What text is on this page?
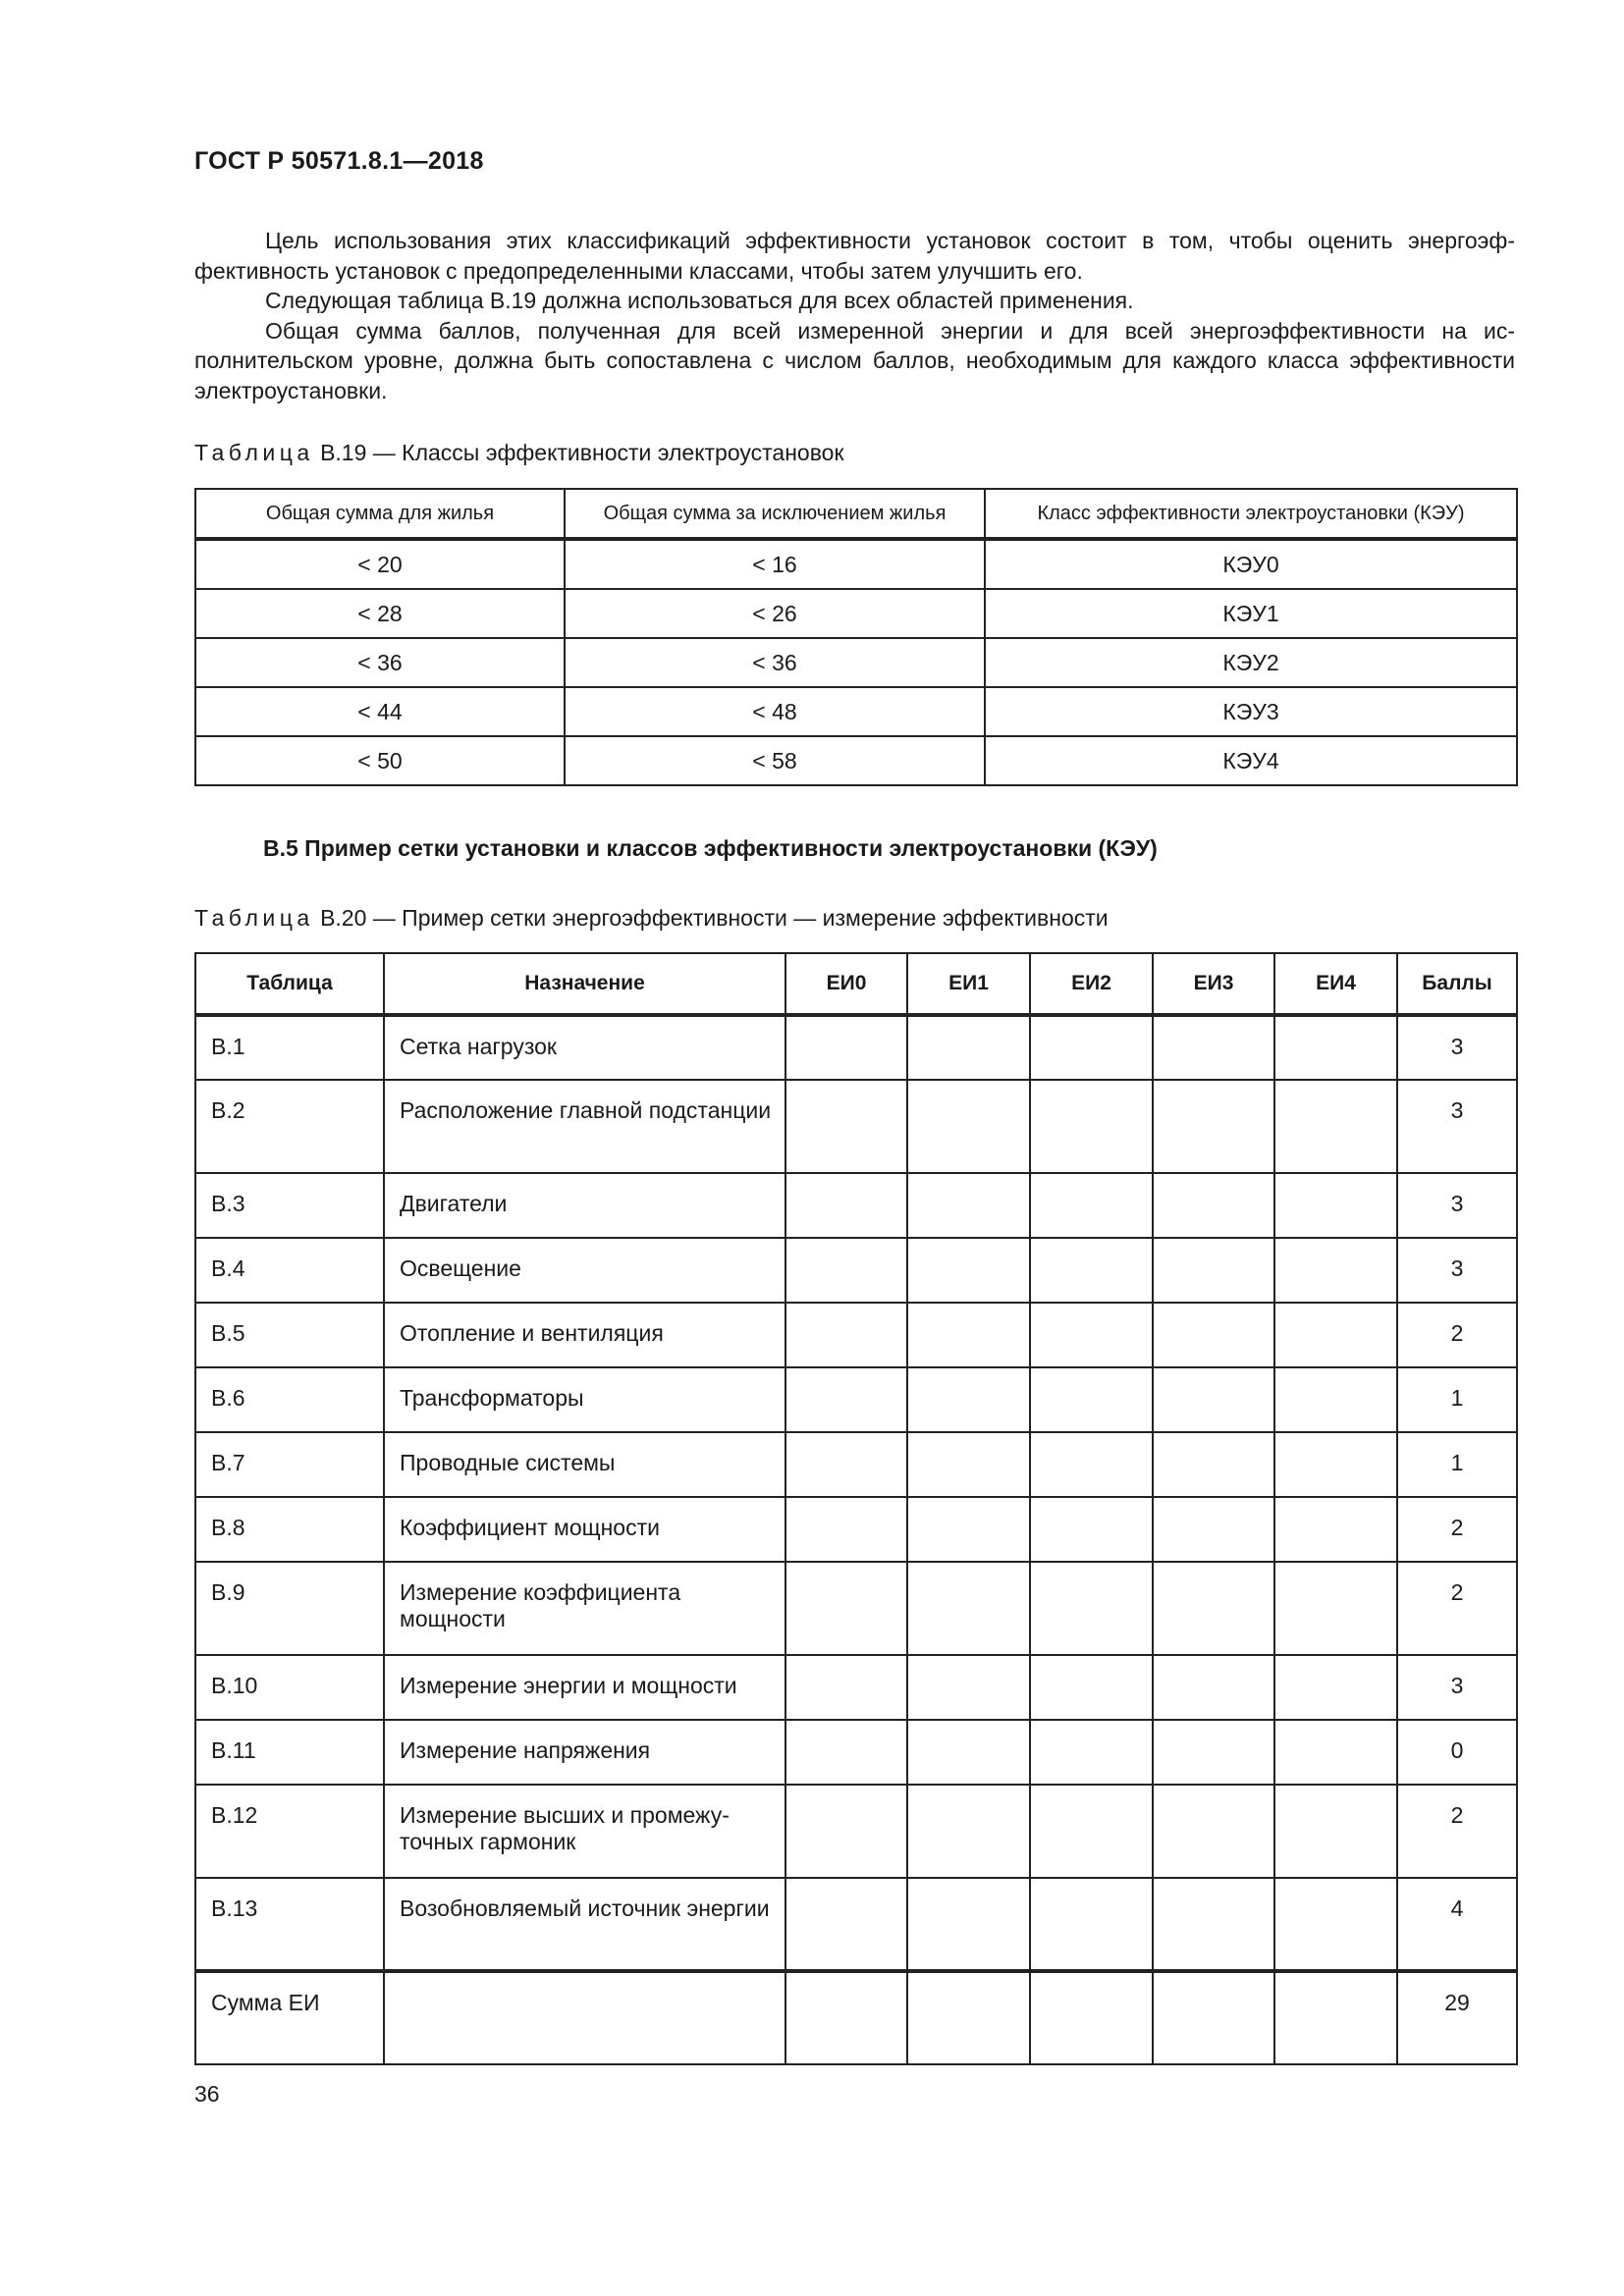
ГОСТ Р 50571.8.1—2018

Цель использования этих классификаций эффективности установок состоит в том, чтобы оценить энергоэффективность установок с предопределенными классами, чтобы затем улучшить его.

Следующая таблица В.19 должна использоваться для всех областей применения.

Общая сумма баллов, полученная для всей измеренной энергии и для всей энергоэффективности на исполнительском уровне, должна быть сопоставлена с числом баллов, необходимым для каждого класса эффективности электроустановки.

Таблица В.19 — Классы эффективности электроустановок
Общая сумма для жилья	Общая сумма за исключением жилья	Класс эффективности электроустановки (КЭУ)
< 20	< 16	КЭУ0
< 28	< 26	КЭУ1
< 36	< 36	КЭУ2
< 44	< 48	КЭУ3
< 50	< 58	КЭУ4
В.5 Пример сетки установки и классов эффективности электроустановки (КЭУ)
Таблица В.20 — Пример сетки энергоэффективности — измерение эффективности
Таблица	Назначение	ЕИ0	ЕИ1	ЕИ2	ЕИ3	ЕИ4	Баллы
В.1	Сетка нагрузок						3
В.2	Расположение главной подстанции						3
В.3	Двигатели						3
В.4	Освещение						3
В.5	Отопление и вентиляция						2
В.6	Трансформаторы						1
В.7	Проводные системы						1
В.8	Коэффициент мощности						2
В.9	Измерение коэффициента мощности						2
В.10	Измерение энергии и мощности						3
В.11	Измерение напряжения						0
В.12	Измерение высших и промежуточных гармоник						2
В.13	Возобновляемый источник энергии						4
Сумма ЕИ							29
36
